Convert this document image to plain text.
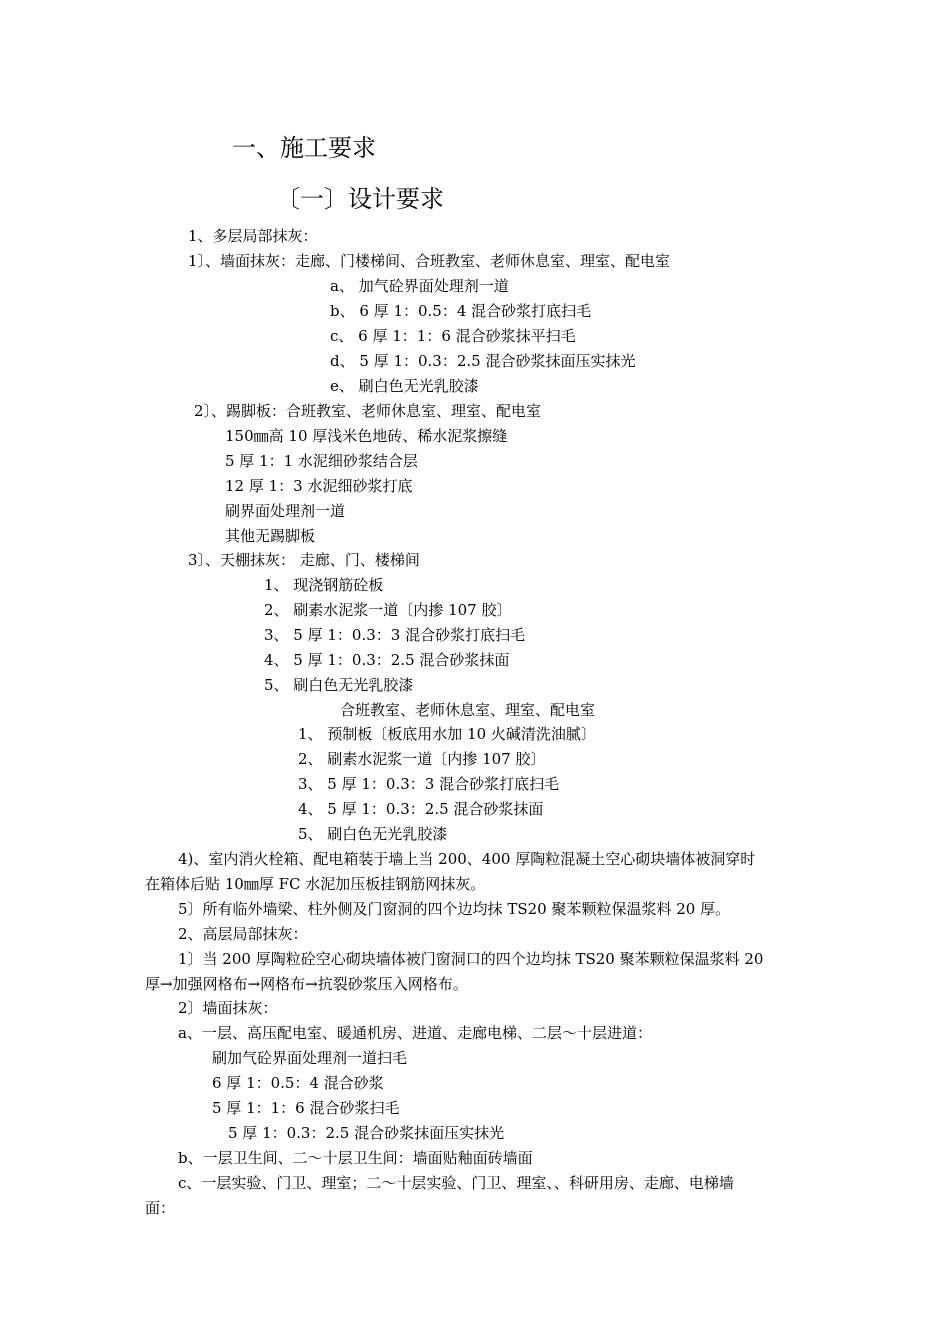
一、施工要求
〔一〕设计要求
1、多层局部抹灰：
1〕、墙面抹灰：走廊、门楼梯间、合班教室、老师休息室、理室、配电室
a、 加气砼界面处理剂一道
b、 6 厚 1：0.5：4 混合砂浆打底扫毛
c、 6 厚 1：1：6 混合砂浆抹平扫毛
d、 5 厚 1：0.3：2.5 混合砂浆抹面压实抹光
e、 刷白色无光乳胶漆
2〕、踢脚板：合班教室、老师休息室、理室、配电室
150㎜高 10 厚浅米色地砖、稀水泥浆擦缝
5 厚 1：1 水泥细砂浆结合层
12 厚 1：3 水泥细砂浆打底
刷界面处理剂一道
其他无踢脚板
3〕、天棚抹灰： 走廊、门、楼梯间
1、 现浇钢筋砼板
2、 刷素水泥浆一道〔内掺 107 胶〕
3、 5 厚 1：0.3：3 混合砂浆打底扫毛
4、 5 厚 1：0.3：2.5 混合砂浆抹面
5、 刷白色无光乳胶漆
合班教室、老师休息室、理室、配电室
1、 预制板〔板底用水加 10 火碱清洗油腻〕
2、 刷素水泥浆一道〔内掺 107 胶〕
3、 5 厚 1：0.3：3 混合砂浆打底扫毛
4、 5 厚 1：0.3：2.5 混合砂浆抹面
5、 刷白色无光乳胶漆
4)、室内消火栓箱、配电箱装于墙上当 200、400 厚陶粒混凝土空心砌块墙体被洞穿时
在箱体后贴 10㎜厚 FC 水泥加压板挂钢筋网抹灰。
5〕所有临外墙梁、柱外侧及门窗洞的四个边均抹 TS20 聚苯颗粒保温浆料 20 厚。
2、高层局部抹灰：
1〕当 200 厚陶粒砼空心砌块墙体被门窗洞口的四个边均抹 TS20 聚苯颗粒保温浆料 20
厚→加强网格布→网格布→抗裂砂浆压入网格布。
2〕墙面抹灰：
a、一层、高压配电室、暖通机房、进道、走廊电梯、二层～十层进道：
刷加气砼界面处理剂一道扫毛
6 厚 1：0.5：4 混合砂浆
5 厚 1：1：6 混合砂浆扫毛
5 厚 1：0.3：2.5 混合砂浆抹面压实抹光
b、一层卫生间、二～十层卫生间：墙面贴釉面砖墙面
c、一层实验、门卫、理室；二～十层实验、门卫、理室、、科研用房、走廊、电梯墙
面：
